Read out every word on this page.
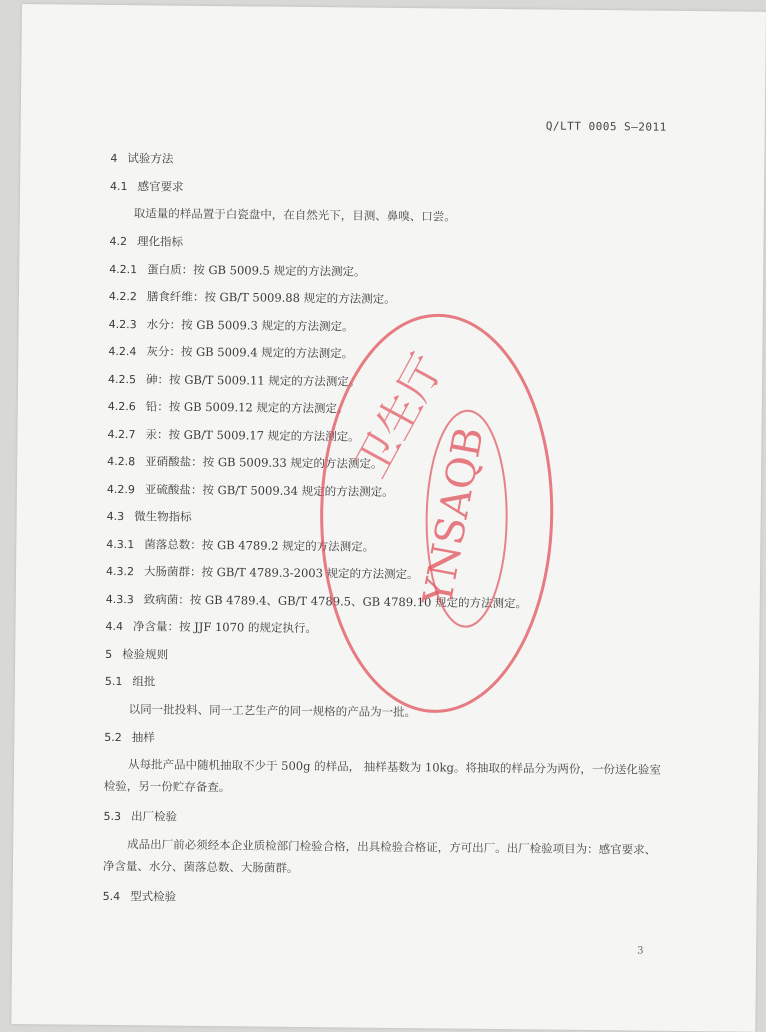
Q/LTT 0005 S—2011
4 试验方法
4.1 感官要求
取适量的样品置于白瓷盘中，在自然光下，目测、鼻嗅、口尝。
4.2 理化指标
4.2.1 蛋白质：按 GB 5009.5 规定的方法测定。
4.2.2 膳食纤维：按 GB/T 5009.88 规定的方法测定。
4.2.3 水分：按 GB 5009.3 规定的方法测定。
4.2.4 灰分：按 GB 5009.4 规定的方法测定。
4.2.5 砷：按 GB/T 5009.11 规定的方法测定。
4.2.6 铅：按 GB 5009.12 规定的方法测定。
4.2.7 汞：按 GB/T 5009.17 规定的方法测定。
4.2.8 亚硝酸盐：按 GB 5009.33 规定的方法测定。
4.2.9 亚硫酸盐：按 GB/T 5009.34 规定的方法测定。
4.3 微生物指标
4.3.1 菌落总数：按 GB 4789.2 规定的方法测定。
4.3.2 大肠菌群：按 GB/T 4789.3-2003 规定的方法测定。
4.3.3 致病菌：按 GB 4789.4、GB/T 4789.5、GB 4789.10 规定的方法测定。
4.4 净含量：按 JJF 1070 的规定执行。
5 检验规则
5.1 组批
以同一批投料、同一工艺生产的同一规格的产品为一批。
5.2 抽样
从每批产品中随机抽取不少于 500g 的样品， 抽样基数为 10kg。将抽取的样品分为两份，一份送化验室检验，另一份贮存备查。
5.3 出厂检验
成品出厂前必须经本企业质检部门检验合格，出具检验合格证，方可出厂。出厂检验项目为：感官要求、净含量、水分、菌落总数、大肠菌群。
5.4 型式检验
YNSAQB
卫生厅
3
